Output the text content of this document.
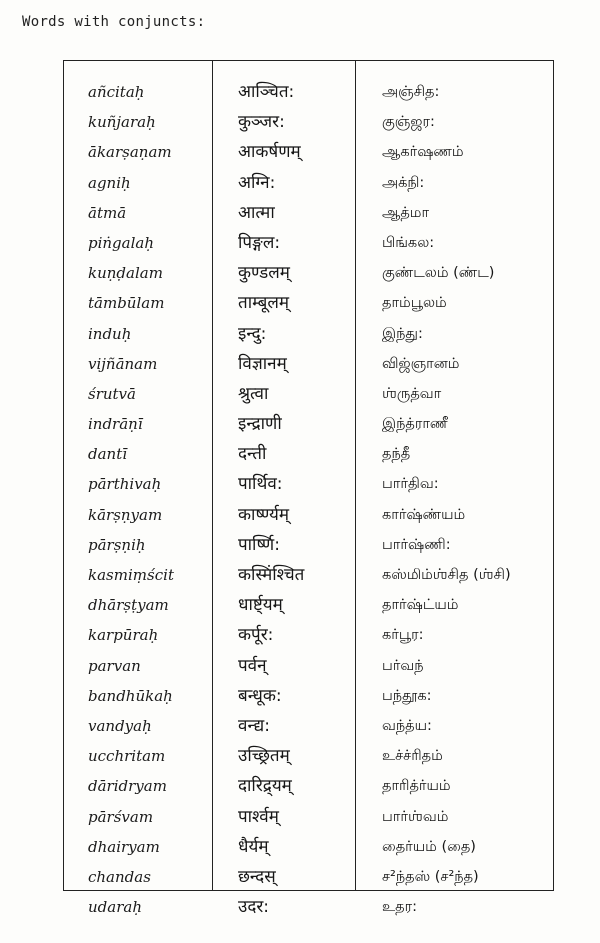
Words with conjuncts:
añcitaḥ	आञ्चित:	அஞ்சித:
kuñjaraḥ	कुञ्जर:	குஞ்ஜர:
ākarṣaṇam	आकर्षणम्	ஆகர்ஷணம்
agniḥ	अग्नि:	அக்நி:
ātmā	आत्मा	ஆத்மா
piṅgalaḥ	पिङ्गल:	பிங்கல:
kuṇḍalam	कुण्डलम्	குண்டலம் (ண்ட)
tāmbūlam	ताम्बूलम्	தாம்பூலம்
induḥ	इन्दु:	இந்து:
vijñānam	विज्ञानम्	விஜ்ஞானம்
śrutvā	श्रुत्वा	ஶ்ருத்வா
indrāṇī	इन्द्राणी	இந்த்ராணீ
dantī	दन्ती	தந்தீ
pārthivaḥ	पार्थिव:	பார்திவ:
kārṣṇyam	कार्ष्ण्यम्	கார்ஷ்ண்யம்
pārṣṇiḥ	पार्ष्णि:	பார்ஷ்ணி:
kasmiṃścit	कस्मिंश्चित	கஸ்மிம்ஶ்சித (ஶ்சி)
dhārṣṭyam	धार्ष्ट्यम्	தார்ஷ்ட்யம்
karpūraḥ	कर्पूर:	கர்பூர:
parvan	पर्वन्	பர்வந்
bandhūkaḥ	बन्धूक:	பந்தூக:
vandyaḥ	वन्द्य:	வந்த்ய:
ucchritam	उच्छ्रितम्	உச்ச்ரிதம்
dāridryam	दारिद्र्यम्	தாரித்ர்யம்
pārśvam	पार्श्वम्	பார்ஶ்வம்
dhairyam	धैर्यम्	தைர்யம் (தை)
chandas	छन्दस्	ச²ந்தஸ் (ச²ந்த)
udaraḥ	उदर:	உதர:
